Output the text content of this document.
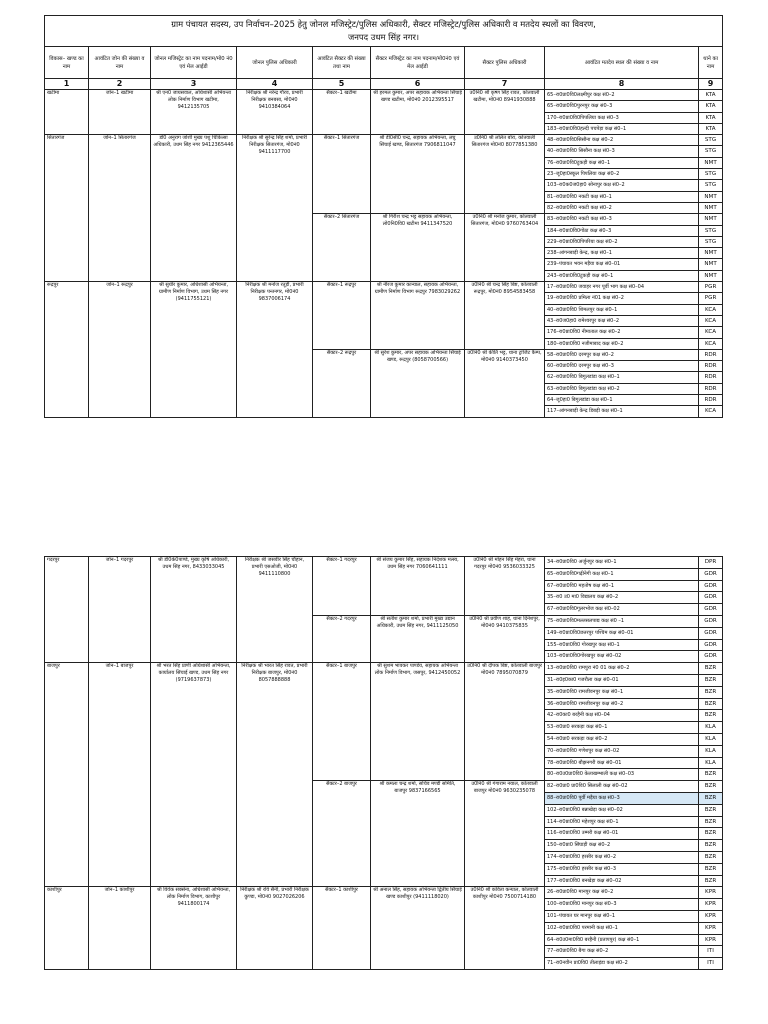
ग्राम पंचायत सदस्य, उप निर्वाचन–2025 हेतु जोनल मजिस्ट्रेट/पुलिस अधिकारी, सैक्टर मजिस्ट्रेट/पुलिस अधिकारी व मतदेय स्थलों का विवरण,
जनपद उधम सिंह नगर।								

विकास– खण्ड का नाम	आवंटित जोन की संख्या व नाम	जोनल मजिस्ट्रेट का नाम पदनाम/मो0 नं0 एवं मेल आईडी	जोनल पुलिस अधिकारी	आवंटित सैक्टर की संख्या तथा नाम	सैक्टर मजिस्ट्रेट का नाम पदनाम/मो0नं0 एवं मेल आईडी	सैक्टर पुलिस अधिकारी	आवंटित मतदेय स्थल की संख्या व नाम	थाने का नाम
1	2	3	4	5	6	7	8	9
खटीमा	जोन–1 खटीमा	श्री एन0 जायसवाल, अधिशासी अभियन्ता लोक निर्माण विभाग खटीमा, 9412135705	निरीक्षक श्री नरेन्द्र गौरव, प्रभारी निरीक्षक बनबसा, मो0नं0 9410384064	सैक्टर–1 खटीमा	श्री हरमल कुमार, अपर सहायक अभियन्ता सिंचाई खण्ड खटीमा, मो0नं0 2012395517	उ0नि0 श्री कृष्ण सिंह रावत, कोतवाली खटीमा, मो0नं0 8941930888	65–रा0प्रा0वि0लक्ष्मीपुर कक्ष सं0–2	KTA
							65–रा0प्रा0वि0पुरनपुर कक्ष सं0–3	KTA
							170–रा0प्रा0वि0पिपलिया कक्ष सं0–3	KTA
							183–रा0प्रा0वि0हल्दी पचपेड़ा कक्ष सं0–1	KTA
सितारगंज	जोन–1 सितारगंज	डॉ0 अनुराग जोशी मुख्य पशु चिकित्सा अधिकारी, उधम सिंह नगर 9412365446	निरीक्षक श्री सुरेन्द्र सिंह शर्मा, प्रभारी निरीक्षक सितारगंज, मो0नं0 9411117700	सैक्टर–1 सितारगंज	श्री डी0सी0 चन्द्र, सहायक अभियन्ता, लघु सिंचाई खण्ड, सितारगंज 7906811047	उ0नि0 श्री ललित बोरा, कोतवाली सितारगंज मो0नं0 8077851380	48–रा0प्रा0वि0सिसौना कक्ष सं0–2	STG
							40–रा0प्रा0वि0 सिसौना कक्ष सं0–3	STG
							76–रा0प्रा0वि0टुकड़ी कक्ष सं0–1	NMT
							23–जू0हा0स्कूल पिपलिया कक्ष सं0–2	STG
							103–रा0क0ज0हा0 सोनापुर कक्ष सं0–2	STG
							81–रा0प्रा0वि0 नकटी कक्ष सं0–1	NMT
							82–रा0प्रा0वि0 नकटी कक्ष सं0–2	NMT
				सैक्टर–2 सितारगंज	श्री गिरीश चन्द्र भट्ट सहायक अभियन्ता, लो0नि0वि0 खटीमा 9411347520	उ0नि0 श्री मनोज कुमार, कोतवाली सितारगंज, मो0नं0 9760763404	83–रा0प्रा0वि0 नकटी कक्ष सं0–3	NMT
							184–रा0प्रा0वि0गोठा कक्ष सं0–3	STG
							229–रा0प्रा0वि0पिपरिया कक्ष सं0–2	STG
							238–आंगनबाड़ी केन्द्र, कक्ष सं0–1	NMT
							239–पंचायत भवन मड़ैया कक्ष सं0–01	NMT
							243–रा0प्रा0वि0टुकड़ी कक्ष सं0–1	NMT
रूद्रपुर	जोन–1 रूद्रपुर	श्री सुधीर कुमार, अधिशासी अभियन्ता, ग्रामीण निर्माण विभाग, उधम सिंह नगर (9411755121)	निरीक्षक श्री मनोज रतूड़ी, प्रभारी निरीक्षक पन्तनगर, मो0नं0 9837006174	सैक्टर–1 रूद्रपुर	श्री नीरज कुमार कान्याल, सहायक अभियन्ता, ग्रामीण निर्माण विभाग रूद्रपुर 7983029262	उ0नि0 श्री चन्द्र सिंह बिष्ट, कोतवाली रूद्रपुर, मो0नं0 8954583458	17–रा0प्रा0वि0 जवाहर नगर पूर्वी भाग कक्ष सं0–04	PGR
							19–रा0प्रा0वि0 प्रमिला नं01 कक्ष सं0–2	PGR
							40–रा0प्रा0वि0 शिमलपुर कक्ष सं0–1	KCA
							43–रा0ज0हा0 रामेश्वरपुर कक्ष सं0–2	KCA
							176–रा0प्रा0वि0 नीमाताल कक्ष सं0–2	KCA
							180–रा0प्रा0वि0 नजीमाबाद कक्ष सं0–2	KCA
				सैक्टर–2 रूद्रपुर	श्री सुरेश कुमार, अपर सहायक अभियन्ता सिंचाई खण्ड, रूद्रपुर (8058700566)	उ0नि0 श्री कीर्ति भट्ट, थाना ट्रांजिट कैम्प, मो0नं0 9140373450	58–रा0प्रा0वि0 दरमपुर कक्ष सं0–2	RDR
							60–रा0प्रा0वि0 दरमपुर कक्ष सं0–3	RDR
							62–रा0प्रा0वि0 बिगुलडांडा कक्ष सं0–1	RDR
							63–रा0प्रा0वि0 बिगुलडांडा कक्ष सं0–2	RDR
							64–जू0हा0 बिगुलडांडा कक्ष सं0–1	RDR
							117–आंगनबाड़ी केन्द्र डिबड़ी कक्ष सं0–1	KCA
गदरपुर	जोन–1 गदरपुर	श्री डी0के0पाण्डे, मुख्य कृषि अधिकारी, उधम सिंह नगर, 8433033045	निरीक्षक श्री जसवीर सिंह चौहान, प्रभारी एसओजी, मो0नं0 9411110800	सैक्टर–1 गदरपुर	श्री संजय कुमार सिंह, सहायक निदेशक मत्स्य, उधम सिंह नगर 7060641111	उ0नि0 श्री मोहन सिंह मेहरा, थाना गदरपुर मो0नं0 9536033325	34–रा0प्रा0वि0 अर्जुनपुर कक्ष सं0–1	DPR
							65–रा0प्रा0वि0गढ़ीनेगी कक्ष सं0–1	GDR
							67–रा0प्रा0वि0 महतोष कक्ष सं0–1	GDR
							35–रा0 उ0 मा0 विद्यालय कक्ष सं0–2	GDR
							67–रा0प्रा0वि0गूलरभोज कक्ष सं0–02	GDR
				सैक्टर–2 गदरपुर	श्री सतीश कुमार शर्मा, प्रभारी मुख्य उद्यान अधिकारी, उधम सिंह नगर, 9411125050	उ0नि0 श्री प्रवीण शाह, थाना दिनेशपुर, मो0नं0 9410375835	75–रा0प्रा0वि0मल्लसलपाद्य कक्ष सं0 –1	GDR
							149–रा0प्रा0वि0छतरपुर पश्चिम कक्ष सं0–01	GDR
							155–रा0प्रा0वि0 गोरखपुर कक्ष सं0–1	GDR
							103–रा0प्रा0वि0गोरखपुर कक्ष सं0–02	GDR
बाजपुर	जोन–1 बाजपुर	श्री भरत सिंह प्राणी अधिशासी अभियन्ता, कार्यालय सिंचाई खण्ड, उधम सिंह नगर (9719637873)	निरीक्षक श्री भारत सिंह रावत, प्रभारी निरीक्षक बाजपुर, मो0नं0 8057888888	सैक्टर–1 बाजपुर	श्री सुशम भावकर पाण्डेय, सहायक अभियन्ता लोक निर्माण विभाग, जसपुर, 9412450052	उ0नि0 श्री दीपक बिष्ट, कोतवाली बाजपुर मो0नं0 7895070879	13–रा0प्रा0वि0 रामपुरा नं0 01 कक्ष सं0–2	BZR
							31–रा0इ0का0 गजरौला कक्ष सं0–01	BZR
							35–रा0प्रा0वि0 रामजीवनपुर कक्ष सं0–1	BZR
							36–रा0प्रा0वि0 रामजीवनपुर कक्ष सं0–2	BZR
							42–रा0का0 बरहैनी कक्ष सं0–04	BZR
							53–रा0प्रा0 सरकड़ा कक्ष सं0–1	KLA
							54–रा0प्रा0 सरकड़ा कक्ष सं0–2	KLA
							70–रा0प्रा0वि0 गणेशपुर कक्ष सं0–02	KLA
							78–रा0प्रा0वि0 बौझनगरी कक्ष सं0–01	KLA
							80–रा0उ0प्रा0वि0 केलाखम्भाली कक्ष सं0–03	BZR
				सैक्टर–2 बाजपुर	श्री कमला चन्द्र शर्मा, सचिव मण्डी समिति, बाजपुर 9837166565	उ0नि0 श्री गंगाराम नयाल, कोतवाली बाजपुर मो0नं0 9630235078	82–रा0प्रा0 प्रा0वि0 सिलाली कक्ष सं0–02	BZR
							88–रा0प्रा0वि0 पूर्वी मड़ैया कक्ष सं0–3	BZR
							102–रा0प्रा0वि0 बन्नाखेड़ा कक्ष सं0–02	BZR
							114–रा0प्रा0वि0 महेशपुर कक्ष सं0–1	BZR
							116–रा0प्रा0वि0 उम्मरी कक्ष सं0–01	BZR
							150–रा0प्रा0 सिंघाड़ी कक्ष सं0–2	BZR
							174–रा0प्रा0वि0 हरसीर कक्ष सं0–2	BZR
							175–रा0प्रा0वि0 हरसीर कक्ष सं0–3	BZR
							177–रा0प्रा0वि0 बनखेड़ा कक्ष सं0–02	BZR
काशीपुर	जोन–1 काशीपुर	श्री विवेक सक्सेना, अधिशासी अभियन्ता, लोक निर्माण विभाग, काशीपुर 9411800174	निरीक्षक श्री रवि सैनी, प्रभारी निरीक्षक कुण्डा, मो0नं0 9027026206	सैक्टर–1 काशीपुर	श्री अनाल सिंह, सहायक अभियन्ता द्वितीय सिंचाई खण्ड काशीपुर (9411118020)	उ0नि0 श्री कविता कन्याल, कोतवाली काशीपुर मो0नं0 7500714180	26–रा0प्रा0वि0 मानपुर कक्ष सं0–2	KPR
							100–रा0प्रा0वि0 मानपुर कक्ष सं0–3	KPR
							101–पंचायत घर मानपुर कक्ष सं0–1	KPR
							102–रा0प्रा0वि0 परमानी कक्ष सं0–1	KPR
							64–रा0उ0मा0वि0 बरहैनी (प्रतापपुर) कक्ष सं0–1	KPR
							77–रा0प्रा0वि0 बैगा कक्ष सं0–2	ITI
							71–रा0नवीन प्रा0वि0 तीलाइंडा कक्ष सं0–2	ITI
